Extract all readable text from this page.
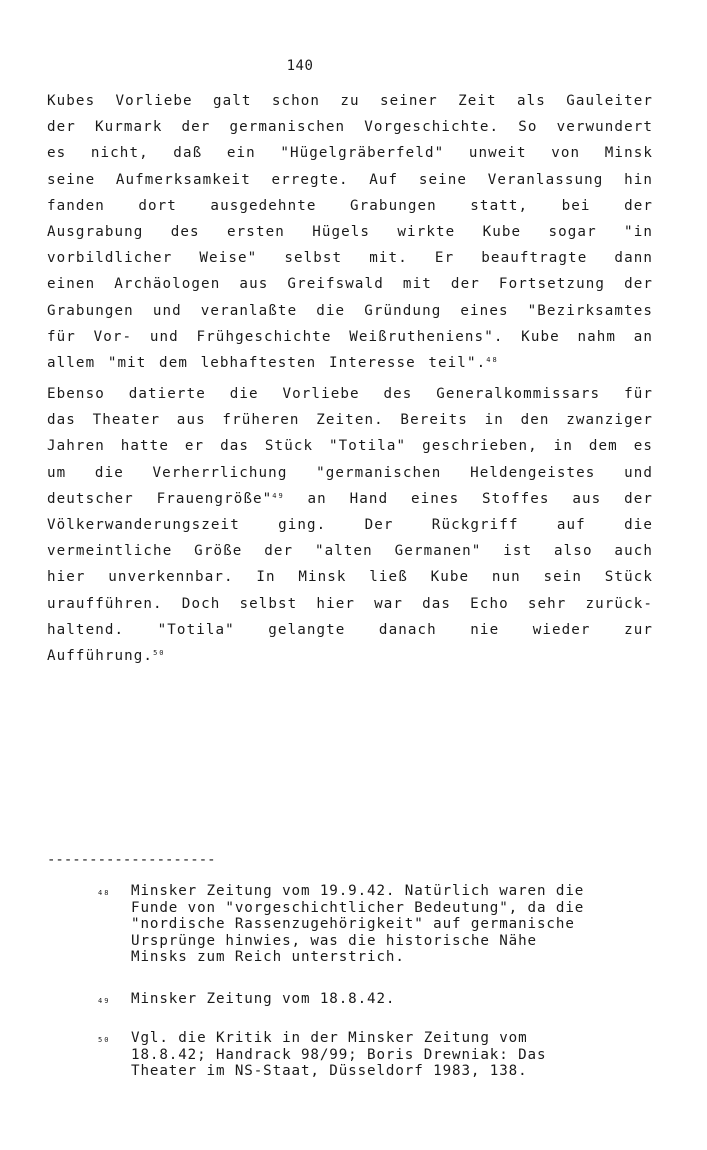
140
Kubes Vorliebe galt schon zu seiner Zeit als Gauleiter
der Kurmark der germanischen Vorgeschichte. So verwundert
es nicht, daß ein "Hügelgräberfeld" unweit von Minsk
seine Aufmerksamkeit erregte. Auf seine Veranlassung hin
fanden dort ausgedehnte Grabungen statt, bei der
Ausgrabung des ersten Hügels wirkte Kube sogar "in
vorbildlicher Weise" selbst mit. Er beauftragte dann
einen Archäologen aus Greifswald mit der Fortsetzung der
Grabungen und veranlaßte die Gründung eines "Bezirksamtes
für Vor- und Frühgeschichte Weißrutheniens". Kube nahm an
allem "mit dem lebhaftesten Interesse teil".$^{48}$
Ebenso datierte die Vorliebe des Generalkommissars für
das Theater aus früheren Zeiten. Bereits in den zwanziger
Jahren hatte er das Stück "Totila" geschrieben, in dem es
um die Verherrlichung "germanischen Heldengeistes und
deutscher Frauengröße"$^{49}$ an Hand eines Stoffes aus der
Völkerwanderungszeit ging. Der Rückgriff auf die
vermeintliche Größe der "alten Germanen" ist also auch
hier unverkennbar. In Minsk ließ Kube nun sein Stück
uraufführen. Doch selbst hier war das Echo sehr zurück-
haltend. "Totila" gelangte danach nie wieder zur
Aufführung.$^{50}$
--------------------
48 Minsker Zeitung vom 19.9.42. Natürlich waren die
Funde von "vorgeschichtlicher Bedeutung", da die
"nordische Rassenzugehörigkeit" auf germanische
Ursprünge hinwies, was die historische Nähe
Minsks zum Reich unterstrich.
49 Minsker Zeitung vom 18.8.42.
50 Vgl. die Kritik in der Minsker Zeitung vom
18.8.42; Handrack 98/99; Boris Drewniak: Das
Theater im NS-Staat, Düsseldorf 1983, 138.
